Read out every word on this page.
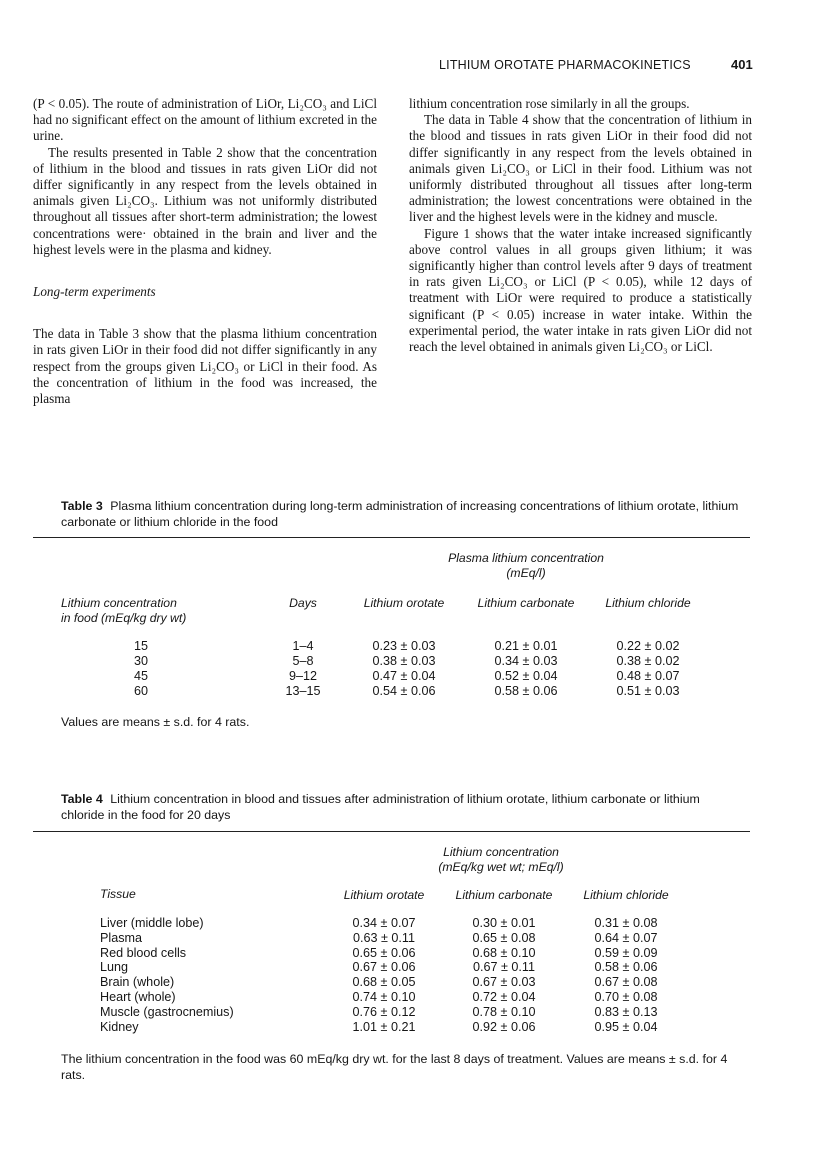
LITHIUM OROTATE PHARMACOKINETICS	401

(P < 0.05). The route of administration of LiOr, Li₂CO₃ and LiCl had no significant effect on the amount of lithium excreted in the urine.

The results presented in Table 2 show that the concentration of lithium in the blood and tissues in rats given LiOr did not differ significantly in any respect from the levels obtained in animals given Li₂CO₃. Lithium was not uniformly distributed throughout all tissues after short-term administration; the lowest concentrations were· obtained in the brain and liver and the highest levels were in the plasma and kidney.

Long-term experiments

The data in Table 3 show that the plasma lithium concentration in rats given LiOr in their food did not differ significantly in any respect from the groups given Li₂CO₃ or LiCl in their food. As the concentration of lithium in the food was increased, the plasma

lithium concentration rose similarly in all the groups.

The data in Table 4 show that the concentration of lithium in the blood and tissues in rats given LiOr in their food did not differ significantly in any respect from the levels obtained in animals given Li₂CO₃ or LiCl in their food. Lithium was not uniformly distributed throughout all tissues after long-term administration; the lowest concentrations were obtained in the liver and the highest levels were in the kidney and muscle.

Figure 1 shows that the water intake increased significantly above control values in all groups given lithium; it was significantly higher than control levels after 9 days of treatment in rats given Li₂CO₃ or LiCl (P < 0.05), while 12 days of treatment with LiOr were required to produce a statistically significant (P < 0.05) increase in water intake. Within the experimental period, the water intake in rats given LiOr did not reach the level obtained in animals given Li₂CO₃ or LiCl.

Table 3 Plasma lithium concentration during long-term administration of increasing concentrations of lithium orotate, lithium carbonate or lithium chloride in the food
Plasma lithium concentration
(mEq/l)
Lithium concentration
in food (mEq/kg dry wt)
Days	Lithium orotate	Lithium carbonate	Lithium chloride
15	1–4	0.23 ± 0.03	0.21 ± 0.01	0.22 ± 0.02
30	5–8	0.38 ± 0.03	0.34 ± 0.03	0.38 ± 0.02
45	9–12	0.47 ± 0.04	0.52 ± 0.04	0.48 ± 0.07
60	13–15	0.54 ± 0.06	0.58 ± 0.06	0.51 ± 0.03
Values are means ± s.d. for 4 rats.
Table 4 Lithium concentration in blood and tissues after administration of lithium orotate, lithium carbonate or lithium chloride in the food for 20 days
Lithium concentration
(mEq/kg wet wt; mEq/l)
Tissue	Lithium orotate	Lithium carbonate	Lithium chloride
Liver (middle lobe)	0.34 ± 0.07	0.30 ± 0.01	0.31 ± 0.08
Plasma	0.63 ± 0.11	0.65 ± 0.08	0.64 ± 0.07
Red blood cells	0.65 ± 0.06	0.68 ± 0.10	0.59 ± 0.09
Lung	0.67 ± 0.06	0.67 ± 0.11	0.58 ± 0.06
Brain (whole)	0.68 ± 0.05	0.67 ± 0.03	0.67 ± 0.08
Heart (whole)	0.74 ± 0.10	0.72 ± 0.04	0.70 ± 0.08
Muscle (gastrocnemius)	0.76 ± 0.12	0.78 ± 0.10	0.83 ± 0.13
Kidney	1.01 ± 0.21	0.92 ± 0.06	0.95 ± 0.04
The lithium concentration in the food was 60 mEq/kg dry wt. for the last 8 days of treatment. Values are means ± s.d. for 4 rats.
